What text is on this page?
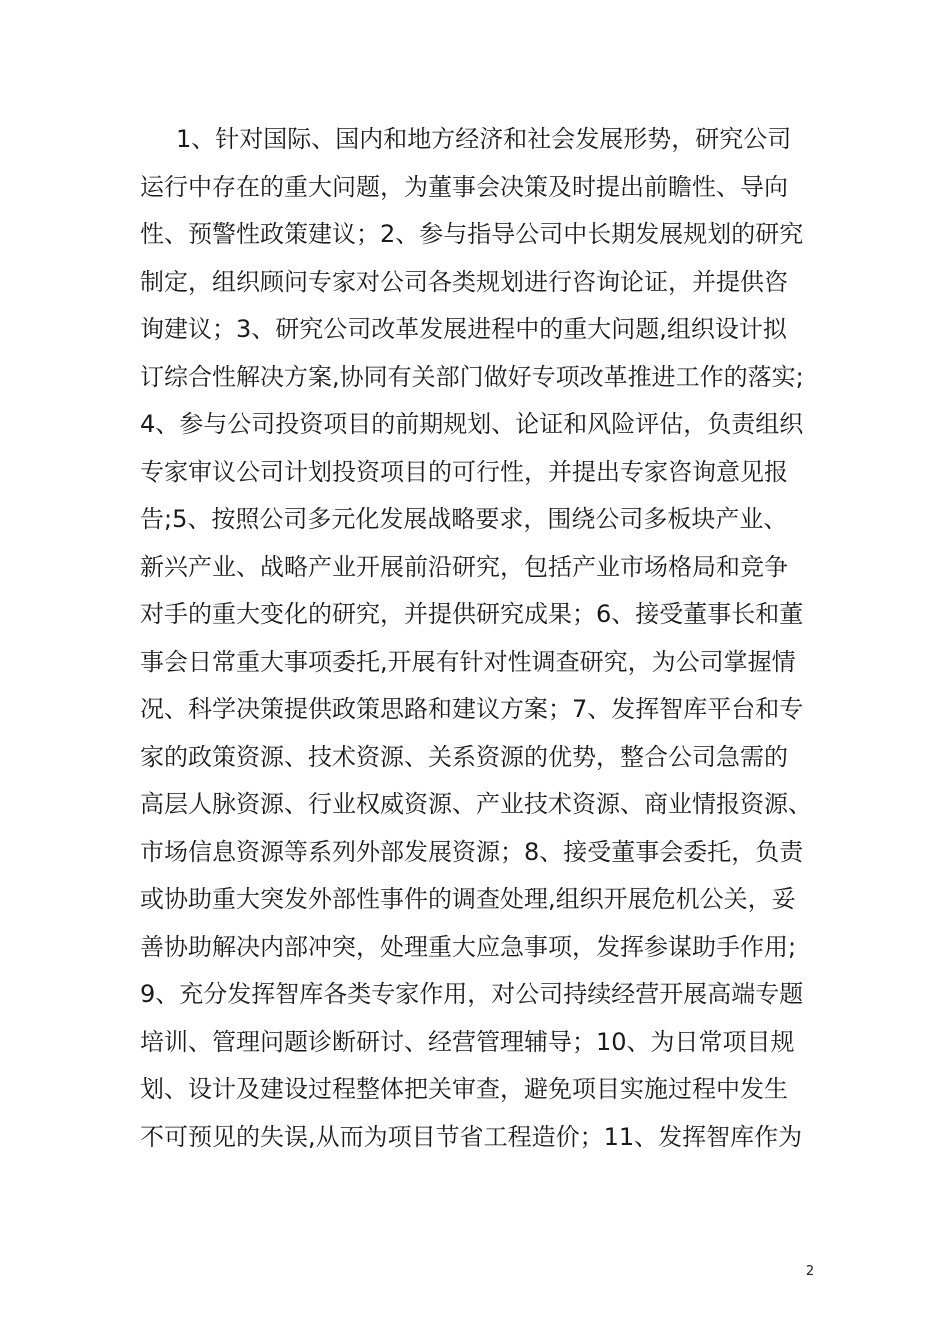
1、针对国际、国内和地方经济和社会发展形势，研究公司
运行中存在的重大问题，为董事会决策及时提出前瞻性、导向
性、预警性政策建议；2、参与指导公司中长期发展规划的研究
制定，组织顾问专家对公司各类规划进行咨询论证，并提供咨
询建议；3、研究公司改革发展进程中的重大问题,组织设计拟
订综合性解决方案,协同有关部门做好专项改革推进工作的落实;
4、参与公司投资项目的前期规划、论证和风险评估，负责组织
专家审议公司计划投资项目的可行性，并提出专家咨询意见报
告;5、按照公司多元化发展战略要求，围绕公司多板块产业、
新兴产业、战略产业开展前沿研究，包括产业市场格局和竞争
对手的重大变化的研究，并提供研究成果；6、接受董事长和董
事会日常重大事项委托,开展有针对性调查研究，为公司掌握情
况、科学决策提供政策思路和建议方案；7、发挥智库平台和专
家的政策资源、技术资源、关系资源的优势，整合公司急需的
高层人脉资源、行业权威资源、产业技术资源、商业情报资源、
市场信息资源等系列外部发展资源；8、接受董事会委托，负责
或协助重大突发外部性事件的调查处理,组织开展危机公关，妥
善协助解决内部冲突，处理重大应急事项，发挥参谋助手作用;
9、充分发挥智库各类专家作用，对公司持续经营开展高端专题
培训、管理问题诊断研讨、经营管理辅导；10、为日常项目规
划、设计及建设过程整体把关审查，避免项目实施过程中发生
不可预见的失误,从而为项目节省工程造价；11、发挥智库作为
2
